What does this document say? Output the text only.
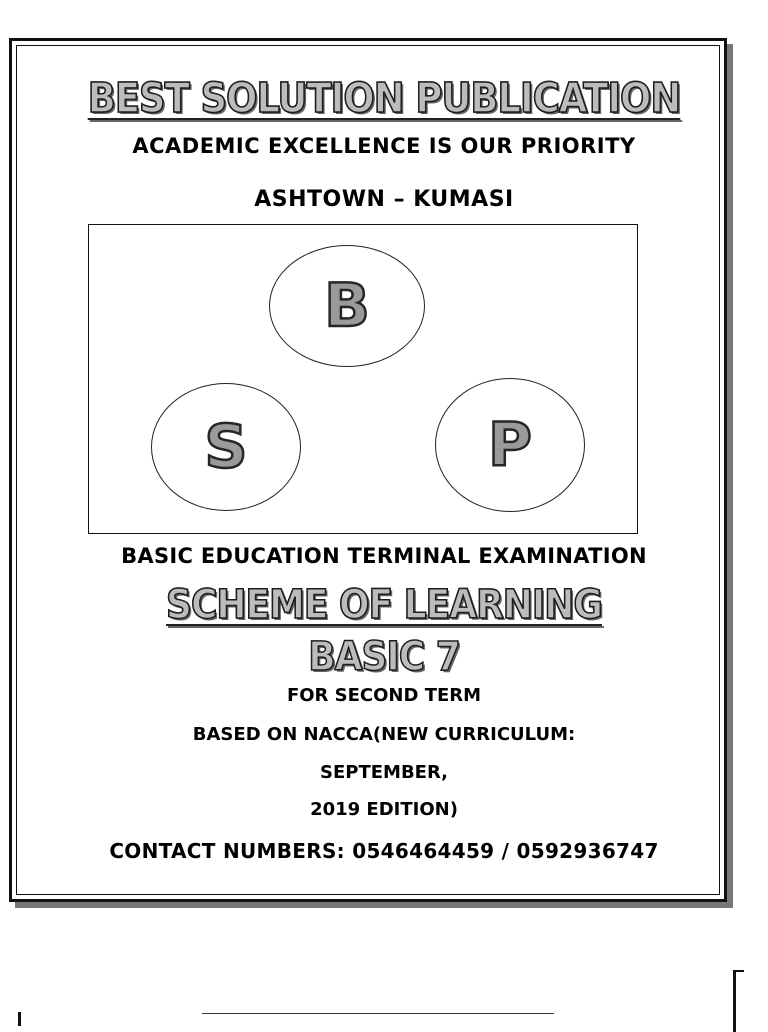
BEST SOLUTION PUBLICATION
ACADEMIC EXCELLENCE IS OUR PRIORITY
ASHTOWN – KUMASI
B
S	P
BASIC EDUCATION TERMINAL EXAMINATION
SCHEME OF LEARNING
BASIC 7
FOR SECOND TERM
BASED ON NACCA(NEW CURRICULUM:
SEPTEMBER,
2019 EDITION)
CONTACT NUMBERS: 0546464459 / 0592936747
